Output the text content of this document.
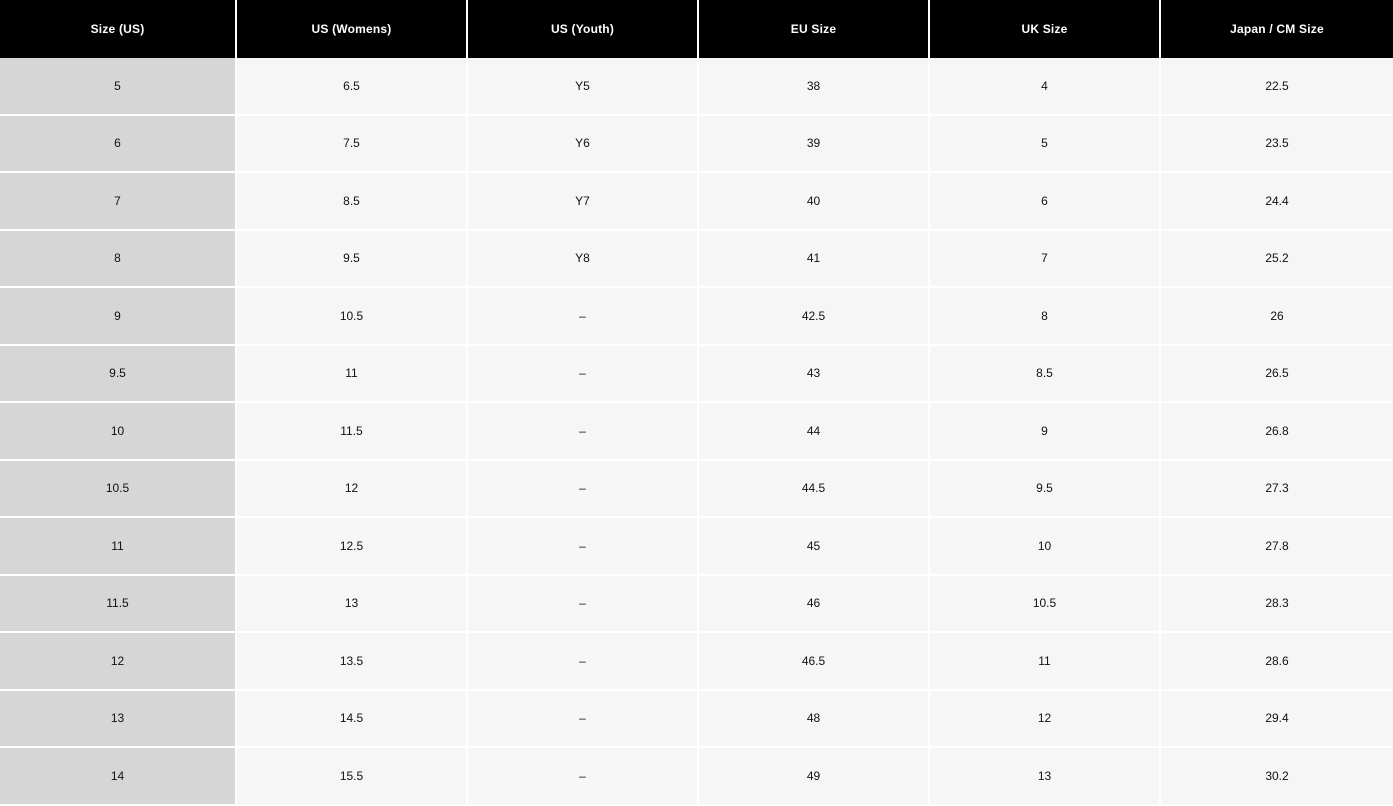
Size (US)	US (Womens)	US (Youth)	EU Size	UK Size	Japan / CM Size
5	6.5	Y5	38	4	22.5
6	7.5	Y6	39	5	23.5
7	8.5	Y7	40	6	24.4
8	9.5	Y8	41	7	25.2
9	10.5	–	42.5	8	26
9.5	11	–	43	8.5	26.5
10	11.5	–	44	9	26.8
10.5	12	–	44.5	9.5	27.3
11	12.5	–	45	10	27.8
11.5	13	–	46	10.5	28.3
12	13.5	–	46.5	11	28.6
13	14.5	–	48	12	29.4
14	15.5	–	49	13	30.2
